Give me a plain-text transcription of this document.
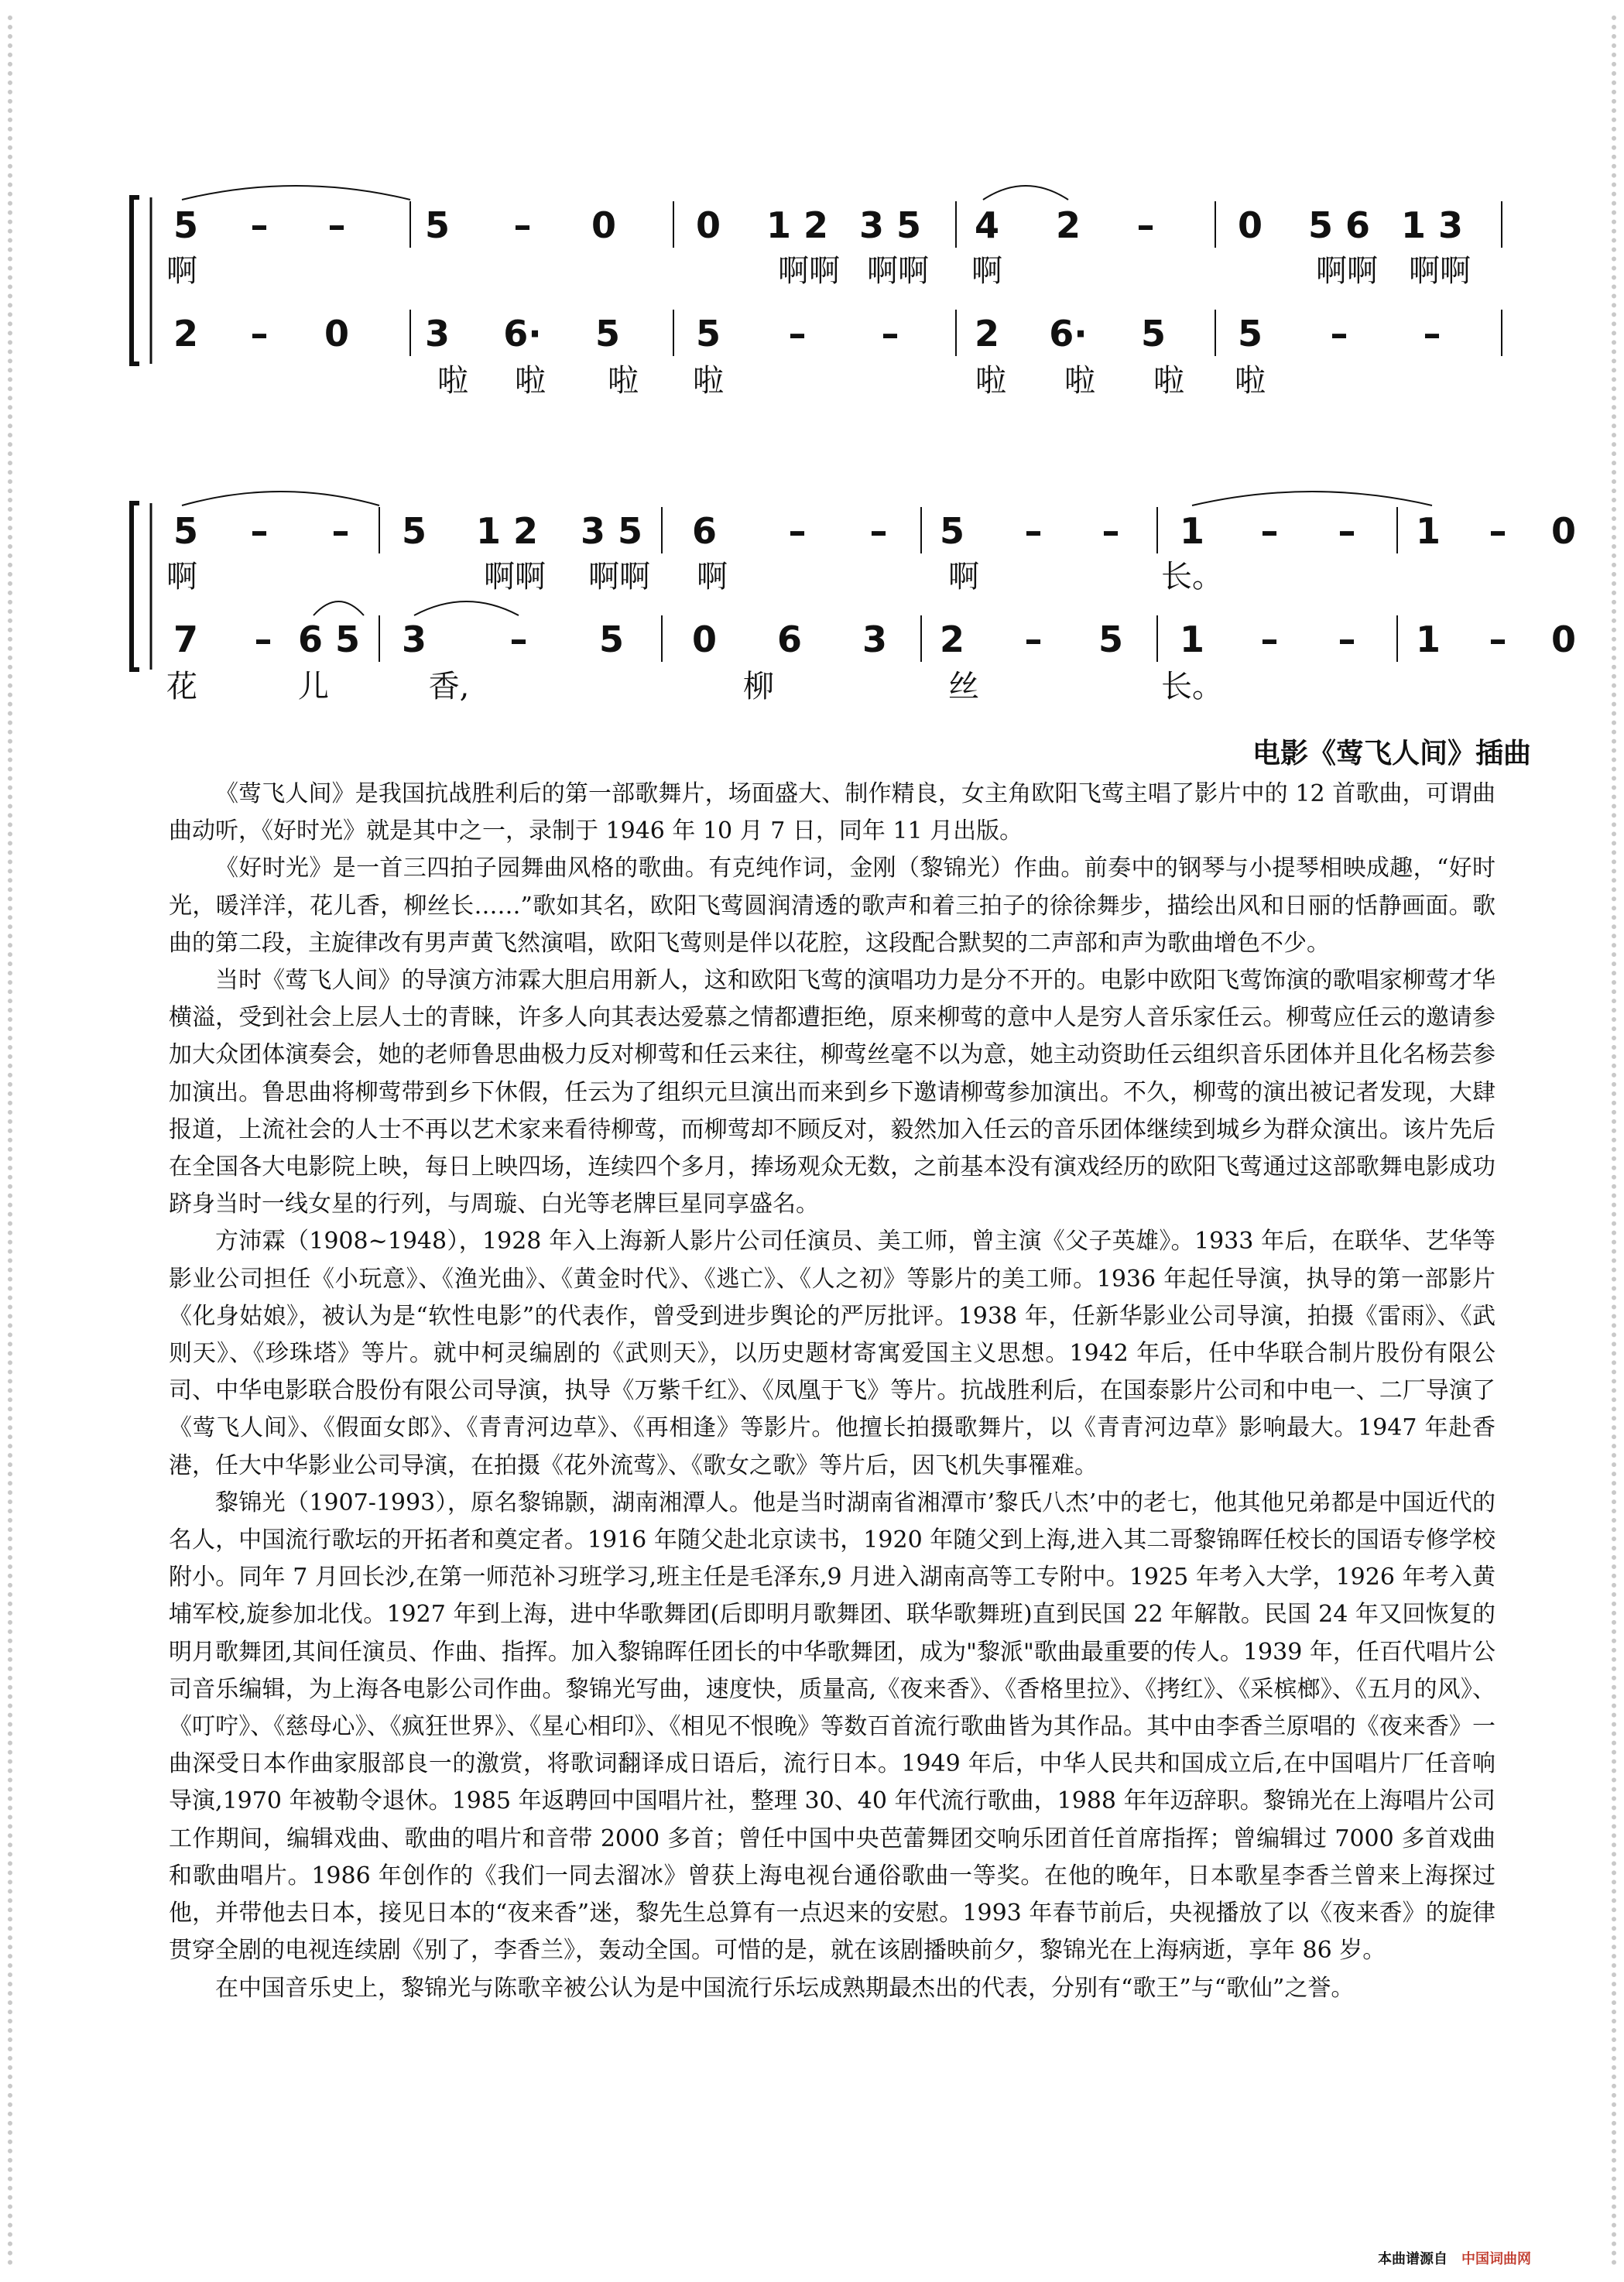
5 – – 5 – 0 0 1 2 3 5 4 2 – 0 5 6 1 3
啊	啊啊 啊啊 啊	啊啊 啊啊
2 – 0 3 6· 5 5 – – 2 6· 5 5 – –
啦 啦 啦 啦	啦 啦 啦 啦
5 – – 5 1 2 3 5 6 – – 5 – – 1 – – 1 – 0
啊	啊啊 啊啊 啊	啊	长。
7 – 6 5 3 – 5 0 6 3 2 – 5 1 – – 1 – 0
花	儿	香,	柳	丝	长。
电影《莺飞人间》插曲

《莺飞人间》是我国抗战胜利后的第一部歌舞片，场面盛大、制作精良，女主角欧阳飞莺主唱了影片中的 12 首歌曲，可谓曲曲动听，《好时光》就是其中之一，录制于 1946 年 10 月 7 日，同年 11 月出版。

《好时光》是一首三四拍子园舞曲风格的歌曲。有克纯作词，金刚（黎锦光）作曲。前奏中的钢琴与小提琴相映成趣，“好时光，暖洋洋，花儿香，柳丝长……”歌如其名，欧阳飞莺圆润清透的歌声和着三拍子的徐徐舞步，描绘出风和日丽的恬静画面。歌曲的第二段，主旋律改有男声黄飞然演唱，欧阳飞莺则是伴以花腔，这段配合默契的二声部和声为歌曲增色不少。

当时《莺飞人间》的导演方沛霖大胆启用新人，这和欧阳飞莺的演唱功力是分不开的。电影中欧阳飞莺饰演的歌唱家柳莺才华横溢，受到社会上层人士的青睐，许多人向其表达爱慕之情都遭拒绝，原来柳莺的意中人是穷人音乐家任云。柳莺应任云的邀请参加大众团体演奏会，她的老师鲁思曲极力反对柳莺和任云来往，柳莺丝毫不以为意，她主动资助任云组织音乐团体并且化名杨芸参加演出。鲁思曲将柳莺带到乡下休假，任云为了组织元旦演出而来到乡下邀请柳莺参加演出。不久，柳莺的演出被记者发现，大肆报道，上流社会的人士不再以艺术家来看待柳莺，而柳莺却不顾反对，毅然加入任云的音乐团体继续到城乡为群众演出。该片先后在全国各大电影院上映，每日上映四场，连续四个多月，捧场观众无数，之前基本没有演戏经历的欧阳飞莺通过这部歌舞电影成功跻身当时一线女星的行列，与周璇、白光等老牌巨星同享盛名。

方沛霖（1908~1948），1928 年入上海新人影片公司任演员、美工师，曾主演《父子英雄》。1933 年后，在联华、艺华等影业公司担任《小玩意》、《渔光曲》、《黄金时代》、《逃亡》、《人之初》等影片的美工师。1936 年起任导演，执导的第一部影片《化身姑娘》，被认为是“软性电影”的代表作，曾受到进步舆论的严厉批评。1938 年，任新华影业公司导演，拍摄《雷雨》、《武则天》、《珍珠塔》等片。就中柯灵编剧的《武则天》，以历史题材寄寓爱国主义思想。1942 年后，任中华联合制片股份有限公司、中华电影联合股份有限公司导演，执导《万紫千红》、《凤凰于飞》等片。抗战胜利后，在国泰影片公司和中电一、二厂导演了《莺飞人间》、《假面女郎》、《青青河边草》、《再相逢》等影片。他擅长拍摄歌舞片，以《青青河边草》影响最大。1947 年赴香港，任大中华影业公司导演，在拍摄《花外流莺》、《歌女之歌》等片后，因飞机失事罹难。

黎锦光（1907-1993），原名黎锦颢，湖南湘潭人。他是当时湖南省湘潭市’黎氏八杰’中的老七，他其他兄弟都是中国近代的名人，中国流行歌坛的开拓者和奠定者。1916 年随父赴北京读书，1920 年随父到上海,进入其二哥黎锦晖任校长的国语专修学校附小。同年 7 月回长沙,在第一师范补习班学习,班主任是毛泽东,9 月进入湖南高等工专附中。1925 年考入大学，1926 年考入黄埔军校,旋参加北伐。1927 年到上海，进中华歌舞团(后即明月歌舞团、联华歌舞班)直到民国 22 年解散。民国 24 年又回恢复的明月歌舞团,其间任演员、作曲、指挥。加入黎锦晖任团长的中华歌舞团，成为"黎派"歌曲最重要的传人。1939 年，任百代唱片公司音乐编辑，为上海各电影公司作曲。黎锦光写曲，速度快，质量高,《夜来香》、《香格里拉》、《拷红》、《采槟榔》、《五月的风》、《叮咛》、《慈母心》、《疯狂世界》、《星心相印》、《相见不恨晚》等数百首流行歌曲皆为其作品。其中由李香兰原唱的《夜来香》一曲深受日本作曲家服部良一的激赏，将歌词翻译成日语后，流行日本。1949 年后，中华人民共和国成立后,在中国唱片厂任音响导演,1970 年被勒令退休。1985 年返聘回中国唱片社，整理 30、40 年代流行歌曲，1988 年年迈辞职。黎锦光在上海唱片公司工作期间，编辑戏曲、歌曲的唱片和音带 2000 多首；曾任中国中央芭蕾舞团交响乐团首任首席指挥；曾编辑过 7000 多首戏曲和歌曲唱片。1986 年创作的《我们一同去溜冰》曾获上海电视台通俗歌曲一等奖。在他的晚年，日本歌星李香兰曾来上海探过他，并带他去日本，接见日本的“夜来香”迷，黎先生总算有一点迟来的安慰。1993 年春节前后，央视播放了以《夜来香》的旋律贯穿全剧的电视连续剧《别了，李香兰》，轰动全国。可惜的是，就在该剧播映前夕，黎锦光在上海病逝，享年 86 岁。

在中国音乐史上，黎锦光与陈歌辛被公认为是中国流行乐坛成熟期最杰出的代表，分别有“歌王”与“歌仙”之誉。

本曲谱源自 中国词曲网
